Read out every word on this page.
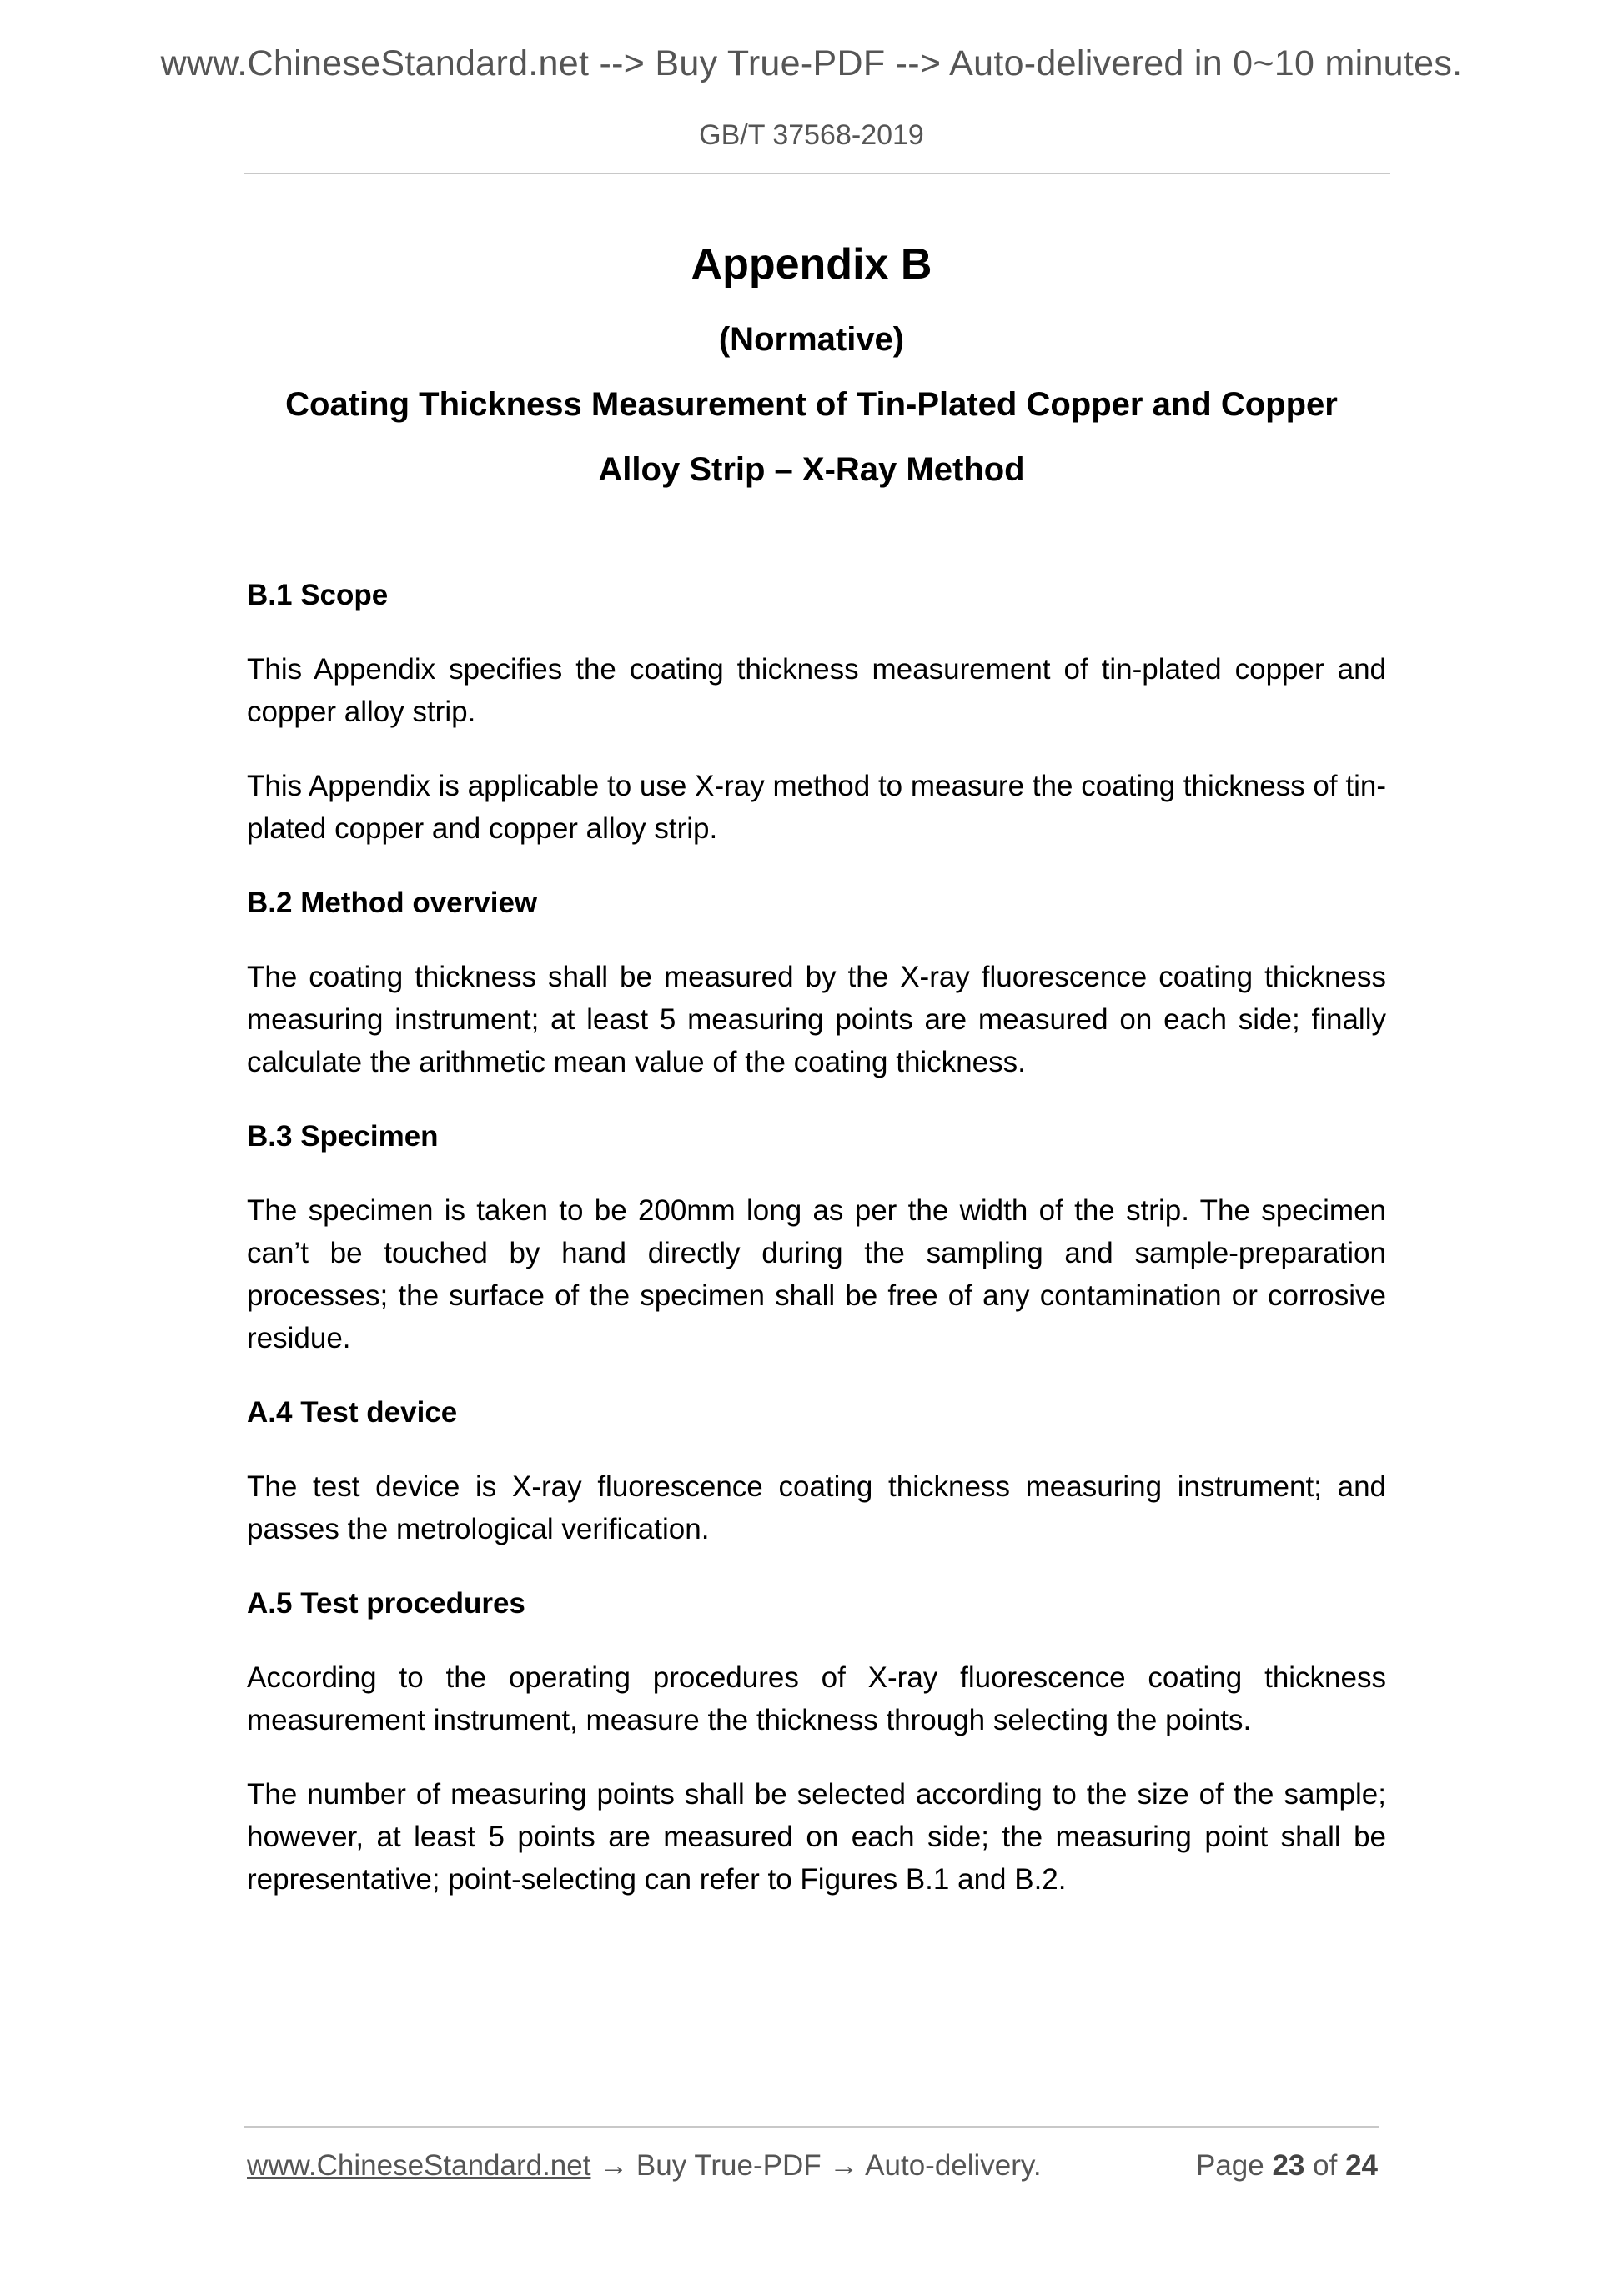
www.ChineseStandard.net --> Buy True-PDF --> Auto-delivered in 0~10 minutes.
GB/T 37568-2019
Appendix B
(Normative)
Coating Thickness Measurement of Tin-Plated Copper and Copper
Alloy Strip – X-Ray Method
B.1 Scope
This Appendix specifies the coating thickness measurement of tin-plated copper and copper alloy strip.
This Appendix is applicable to use X-ray method to measure the coating thickness of tin-plated copper and copper alloy strip.
B.2 Method overview
The coating thickness shall be measured by the X-ray fluorescence coating thickness measuring instrument; at least 5 measuring points are measured on each side; finally calculate the arithmetic mean value of the coating thickness.
B.3 Specimen
The specimen is taken to be 200mm long as per the width of the strip. The specimen can’t be touched by hand directly during the sampling and sample-preparation processes; the surface of the specimen shall be free of any contamination or corrosive residue.
A.4 Test device
The test device is X-ray fluorescence coating thickness measuring instrument; and passes the metrological verification.
A.5 Test procedures
According to the operating procedures of X-ray fluorescence coating thickness measurement instrument, measure the thickness through selecting the points.
The number of measuring points shall be selected according to the size of the sample; however, at least 5 points are measured on each side; the measuring point shall be representative; point-selecting can refer to Figures B.1 and B.2.
www.ChineseStandard.net → Buy True-PDF → Auto-delivery.	Page 23 of 24
